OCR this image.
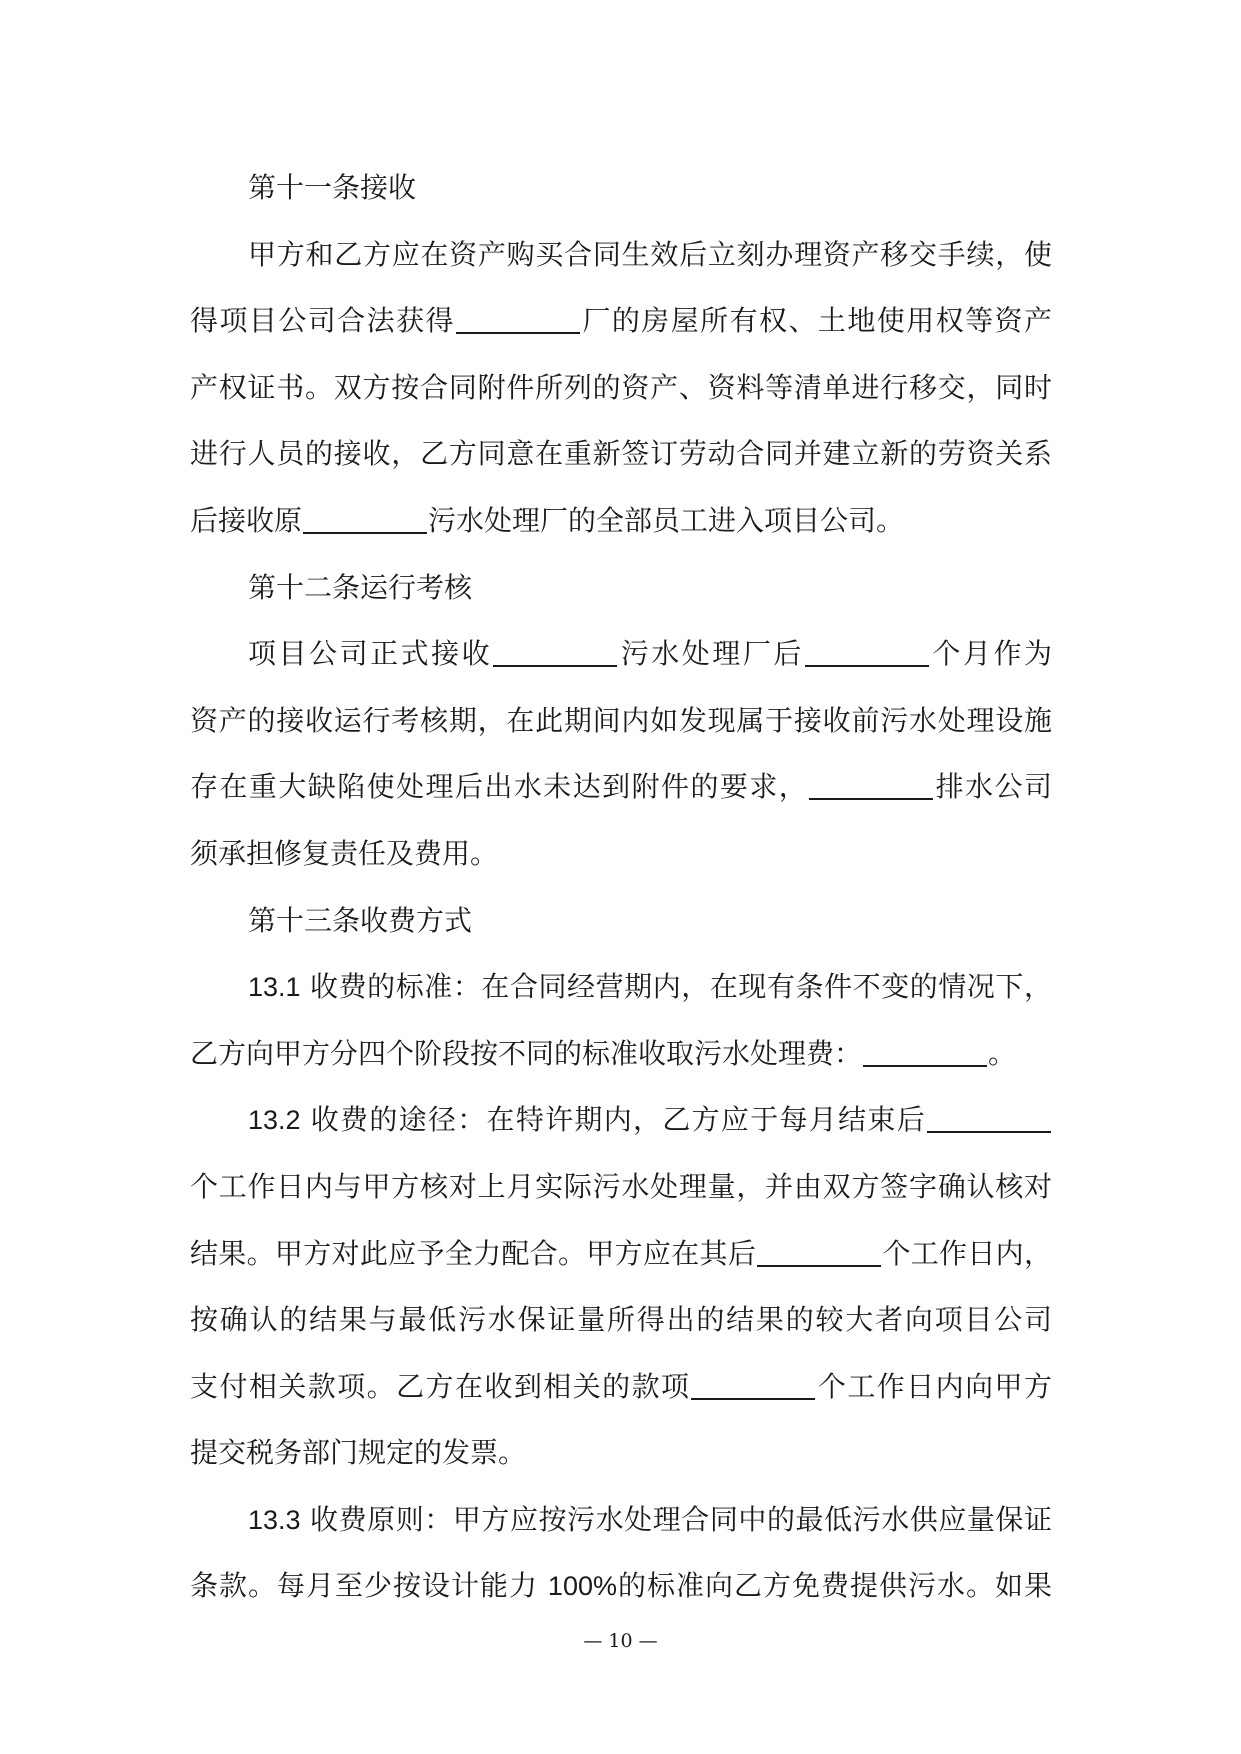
第十一条接收
甲方和乙方应在资产购买合同生效后立刻办理资产移交手续，使
得项目公司合法获得	厂的房屋所有权、土地使用权等资产
产权证书。双方按合同附件所列的资产、资料等清单进行移交，同时
进行人员的接收，乙方同意在重新签订劳动合同并建立新的劳资关系
后接收原	污水处理厂的全部员工进入项目公司。
第十二条运行考核
项目公司正式接收	污水处理厂后	个月作为
资产的接收运行考核期，在此期间内如发现属于接收前污水处理设施
存在重大缺陷使处理后出水未达到附件的要求，	排水公司
须承担修复责任及费用。
第十三条收费方式
13.1 收费的标准：在合同经营期内，在现有条件不变的情况下，
乙方向甲方分四个阶段按不同的标准收取污水处理费：	。
13.2 收费的途径：在特许期内，乙方应于每月结束后
个工作日内与甲方核对上月实际污水处理量，并由双方签字确认核对
结果。甲方对此应予全力配合。甲方应在其后	个工作日内，
按确认的结果与最低污水保证量所得出的结果的较大者向项目公司
支付相关款项。乙方在收到相关的款项	个工作日内向甲方
提交税务部门规定的发票。
13.3 收费原则：甲方应按污水处理合同中的最低污水供应量保证
条款。每月至少按设计能力 100%的标准向乙方免费提供污水。如果
— 10 —
